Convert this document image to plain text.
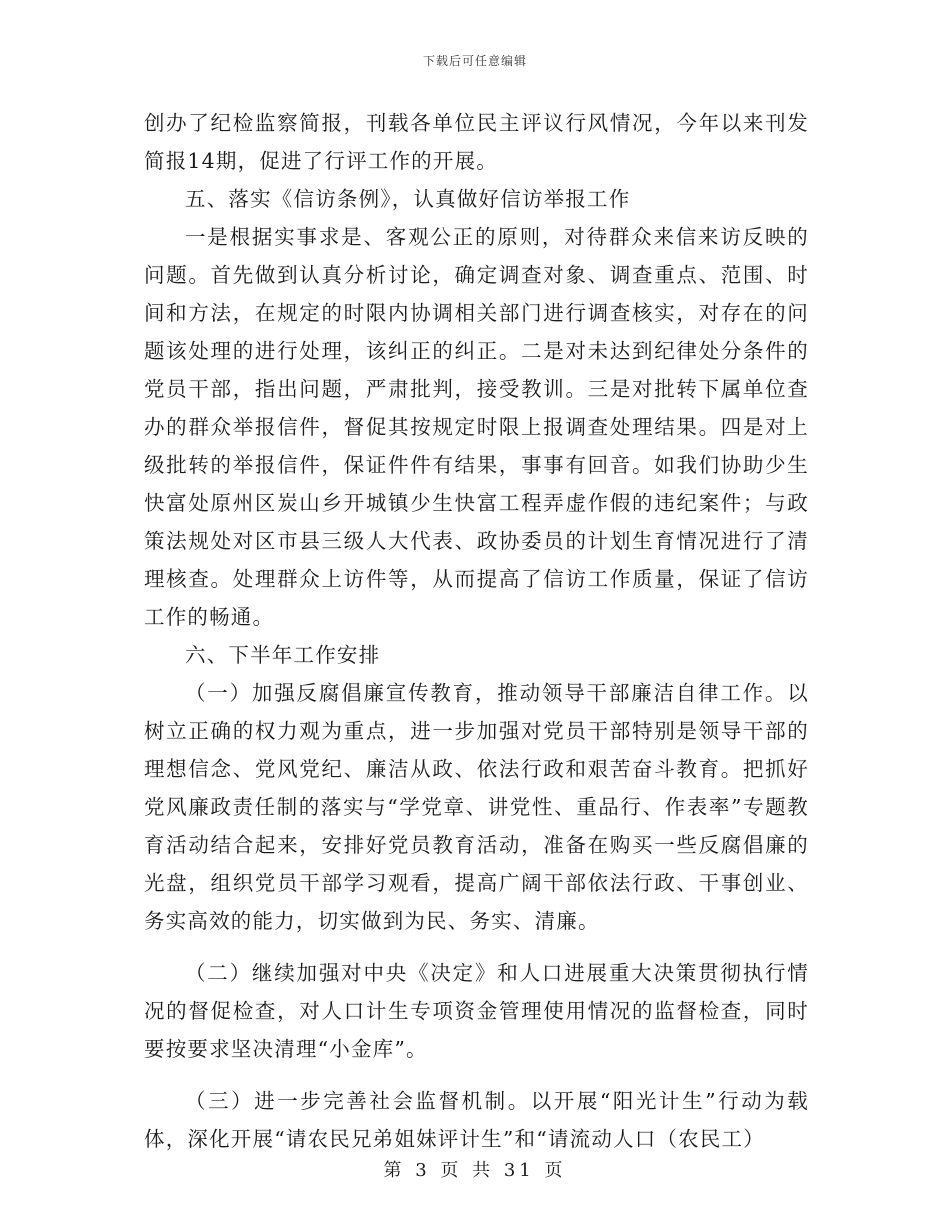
下载后可任意编辑

创办了纪检监察简报，刊载各单位民主评议行风情况，今年以来刊发简报14期，促进了行评工作的开展。

五、落实《信访条例》，认真做好信访举报工作

一是根据实事求是、客观公正的原则，对待群众来信来访反映的问题。首先做到认真分析讨论，确定调查对象、调查重点、范围、时间和方法，在规定的时限内协调相关部门进行调查核实，对存在的问题该处理的进行处理，该纠正的纠正。二是对未达到纪律处分条件的党员干部，指出问题，严肃批判，接受教训。三是对批转下属单位查办的群众举报信件，督促其按规定时限上报调查处理结果。四是对上级批转的举报信件，保证件件有结果，事事有回音。如我们协助少生快富处原州区炭山乡开城镇少生快富工程弄虚作假的违纪案件；与政策法规处对区市县三级人大代表、政协委员的计划生育情况进行了清理核查。处理群众上访件等，从而提高了信访工作质量，保证了信访工作的畅通。

六、下半年工作安排

（一）加强反腐倡廉宣传教育，推动领导干部廉洁自律工作。以树立正确的权力观为重点，进一步加强对党员干部特别是领导干部的理想信念、党风党纪、廉洁从政、依法行政和艰苦奋斗教育。把抓好党风廉政责任制的落实与“学党章、讲党性、重品行、作表率”专题教育活动结合起来，安排好党员教育活动，准备在购买一些反腐倡廉的光盘，组织党员干部学习观看，提高广阔干部依法行政、干事创业、务实高效的能力，切实做到为民、务实、清廉。

（二）继续加强对中央《决定》和人口进展重大决策贯彻执行情况的督促检查，对人口计生专项资金管理使用情况的监督检查，同时要按要求坚决清理“小金库”。

（三）进一步完善社会监督机制。以开展“阳光计生”行动为载体，深化开展“请农民兄弟姐妹评计生”和“请流动人口（农民工）

第 3 页 共 31 页
